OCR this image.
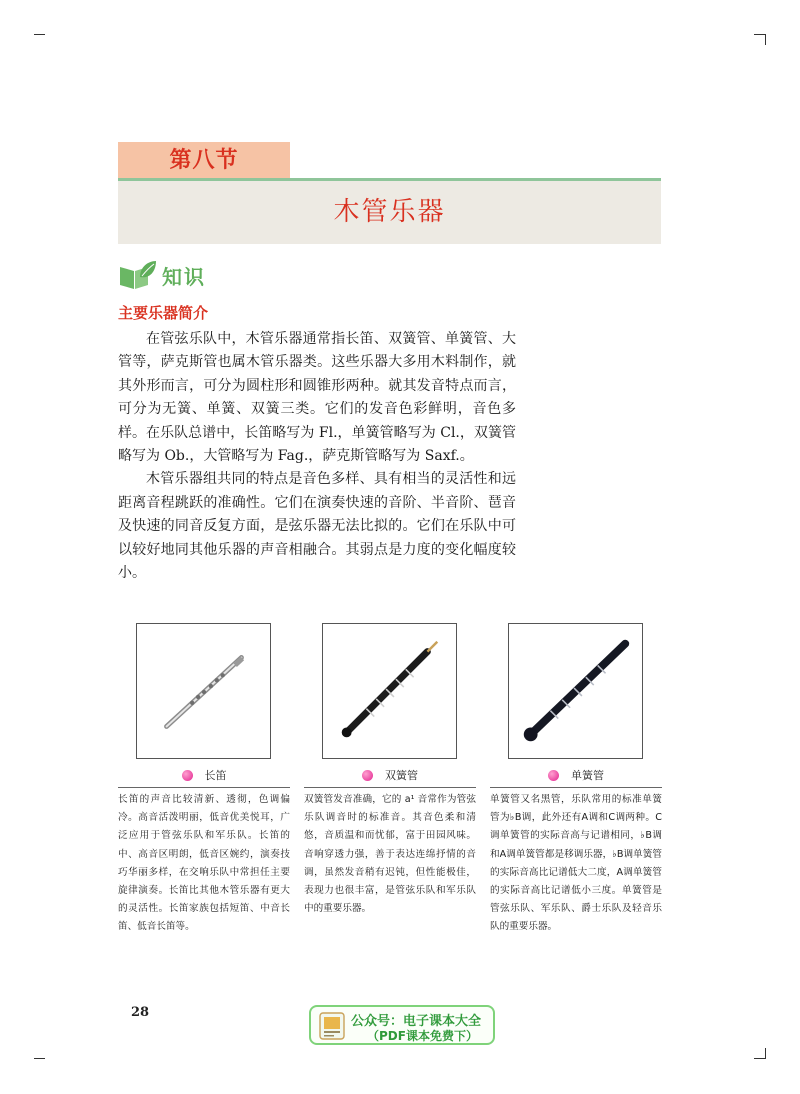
第八节
木管乐器
知识
主要乐器简介

在管弦乐队中，木管乐器通常指长笛、双簧管、单簧管、大管等，萨克斯管也属木管乐器类。这些乐器大多用木料制作，就其外形而言，可分为圆柱形和圆锥形两种。就其发音特点而言，可分为无簧、单簧、双簧三类。它们的发音色彩鲜明，音色多样。在乐队总谱中，长笛略写为 Fl.，单簧管略写为 Cl.，双簧管略写为 Ob.，大管略写为 Fag.，萨克斯管略写为 Saxf.。

木管乐器组共同的特点是音色多样、具有相当的灵活性和远距离音程跳跃的准确性。它们在演奏快速的音阶、半音阶、琶音及快速的同音反复方面，是弦乐器无法比拟的。它们在乐队中可以较好地同其他乐器的声音相融合。其弱点是力度的变化幅度较小。

长笛	双簧管	单簧管
长笛的声音比较清新、透彻，色调偏冷。高音活泼明丽，低音优美悦耳，广泛应用于管弦乐队和军乐队。长笛的中、高音区明朗，低音区婉约，演奏技巧华丽多样，在交响乐队中常担任主要旋律演奏。长笛比其他木管乐器有更大的灵活性。长笛家族包括短笛、中音长笛、低音长笛等。
双簧管发音准确，它的 a¹ 音常作为管弦乐队调音时的标准音。其音色柔和清悠，音质温和而忧郁，富于田园风味。音响穿透力强，善于表达连绵抒情的音调，虽然发音稍有迟钝，但性能极佳，表现力也很丰富，是管弦乐队和军乐队中的重要乐器。
单簧管又名黑管，乐队常用的标准单簧管为♭B调，此外还有A调和C调两种。C调单簧管的实际音高与记谱相同，♭B调和A调单簧管都是移调乐器，♭B调单簧管的实际音高比记谱低大二度，A调单簧管的实际音高比记谱低小三度。单簧管是管弦乐队、军乐队、爵士乐队及轻音乐队的重要乐器。
28
公众号：电子课本大全
（PDF课本免费下）
